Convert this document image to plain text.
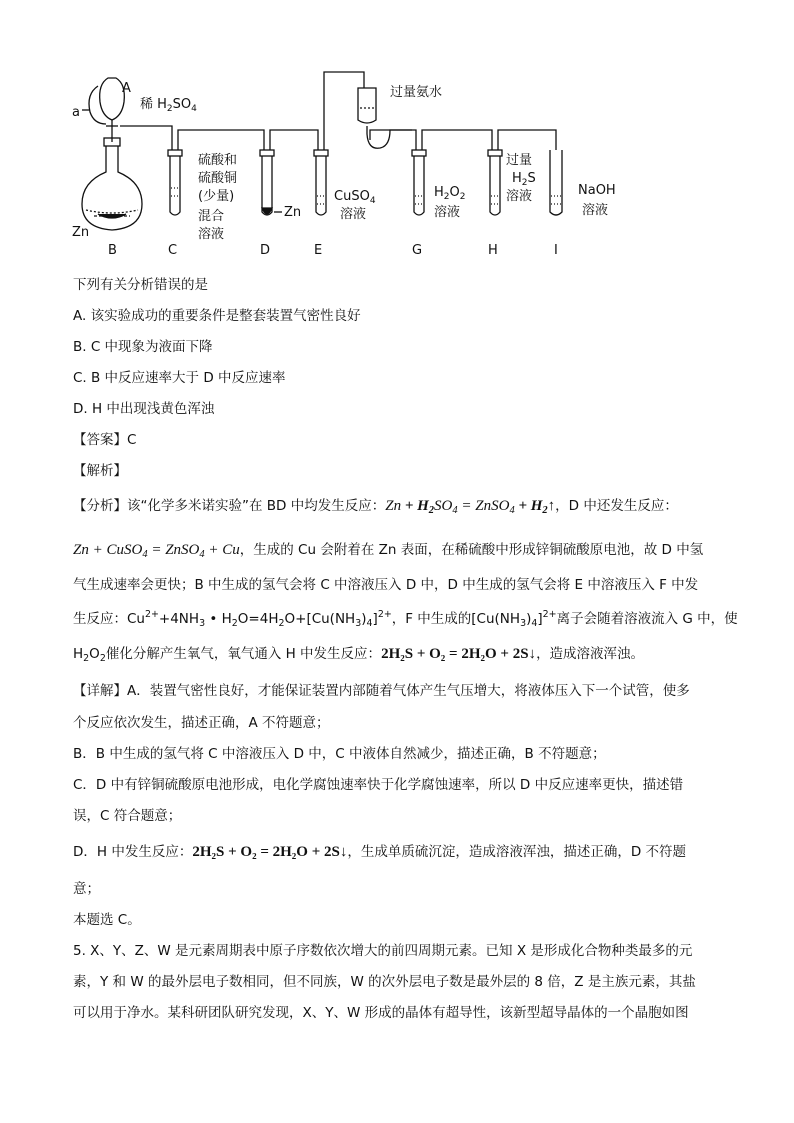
a
A
稀 $H_2SO_4$
过量氨水
硫酸和
硫酸铜
(少量)
混合
溶液
Zn
Zn
CuSO$_4$
溶液
$H_2O_2$
溶液
过量
$H_2S$
溶液	NaOH
溶液
B	C	D	E	G	H	I
下列有关分析错误的是
A. 该实验成功的重要条件是整套装置气密性良好
B. C 中现象为液面下降
C. B 中反应速率大于 D 中反应速率
D. H 中出现浅黄色浑浊
【答案】C
【解析】
【分析】该“化学多米诺实验”在 BD 中均发生反应：$Zn + H_2SO_4$ = ZnSO$_4$ + $H_2↑$，D 中还发生反应：
Zn + CuSO$_4$ = ZnSO$_4$ + Cu，生成的 Cu 会附着在 Zn 表面，在稀硫酸中形成锌铜硫酸原电池，故 D 中氢
气生成速率会更快；B 中生成的氢气会将 C 中溶液压入 D 中，D 中生成的氢气会将 E 中溶液压入 F 中发
生反应：$Cu^{2+}+4NH_3$ • $H_2O=4H_2O+[Cu(NH_3)_4]^{2+}$，F 中生成的$[Cu(NH_3)_4]^{2+}$离子会随着溶液流入 G 中，使
$H_2O_2$催化分解产生氧气，氧气通入 H 中发生反应：2H₂S + O₂ = 2H₂O + 2S↓，造成溶液浑浊。
【详解】A．装置气密性良好，才能保证装置内部随着气体产生气压增大，将液体压入下一个试管，使多
个反应依次发生，描述正确，A 不符题意；
B．B 中生成的氢气将 C 中溶液压入 D 中，C 中液体自然减少，描述正确，B 不符题意；
C．D 中有锌铜硫酸原电池形成，电化学腐蚀速率快于化学腐蚀速率，所以 D 中反应速率更快，描述错
误，C 符合题意；
D．H 中发生反应：2H₂S + O₂ = 2H₂O + 2S↓，生成单质硫沉淀，造成溶液浑浊，描述正确，D 不符题
意；
本题选 C。
5. X、Y、Z、W 是元素周期表中原子序数依次增大的前四周期元素。已知 X 是形成化合物种类最多的元
素，Y 和 W 的最外层电子数相同，但不同族，W 的次外层电子数是最外层的 8 倍，Z 是主族元素，其盐
可以用于净水。某科研团队研究发现，X、Y、W 形成的晶体有超导性，该新型超导晶体的一个晶胞如图
